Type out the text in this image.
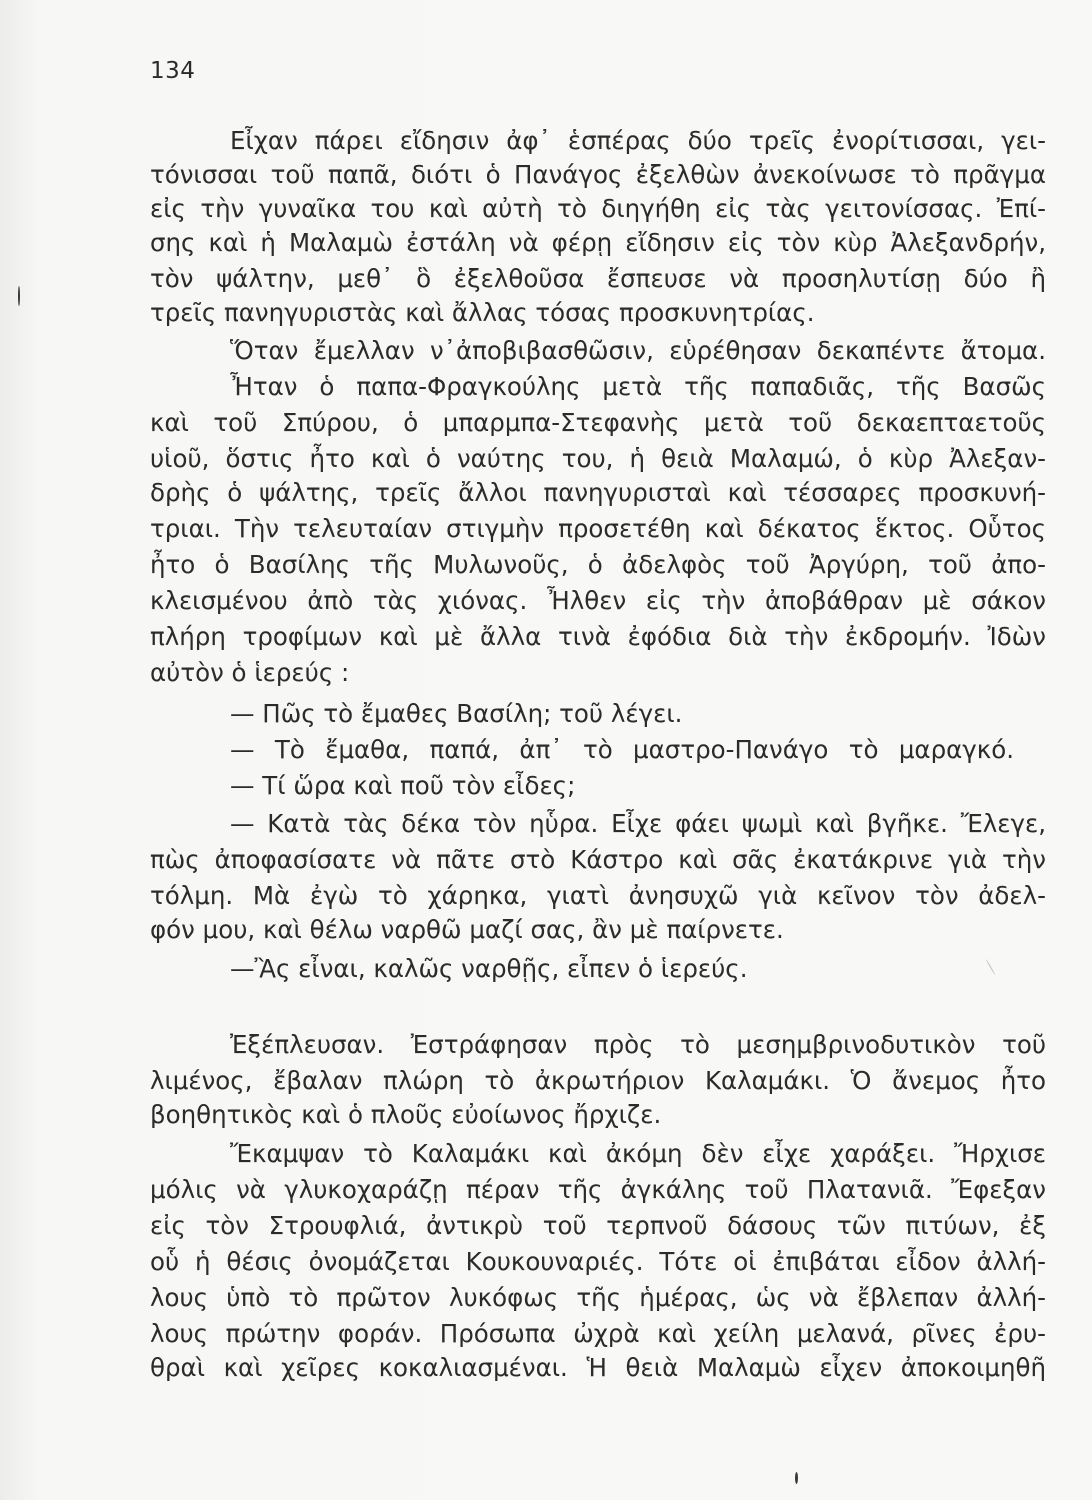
134
Εἶχαν πάρει εἴδησιν ἀφ᾽ ἑσπέρας δύο τρεῖς ἐνορίτισσαι, γει-
τόνισσαι τοῦ παπᾶ, διότι ὁ Πανάγος ἐξελθὼν ἀνεκοίνωσε τὸ πρᾶγμα
εἰς τὴν γυναῖκα του καὶ αὐτὴ τὸ διηγήθη εἰς τὰς γειτονίσσας. Ἐπί-
σης καὶ ἡ Μαλαμὼ ἐστάλη νὰ φέρῃ εἴδησιν εἰς τὸν κὺρ Ἀλεξανδρήν,
τὸν ψάλτην, μεθ᾽ ὃ ἐξελθοῦσα ἔσπευσε νὰ προσηλυτίσῃ δύο ἢ
τρεῖς πανηγυριστὰς καὶ ἄλλας τόσας προσκυνητρίας.
Ὅταν ἔμελλαν ν᾽ἀποβιβασθῶσιν, εὑρέθησαν δεκαπέντε ἄτομα.
Ἦταν ὁ παπα-Φραγκούλης μετὰ τῆς παπαδιᾶς, τῆς Βασῶς
καὶ τοῦ Σπύρου, ὁ μπαρμπα-Στεφανὴς μετὰ τοῦ δεκαεπταετοῦς
υἱοῦ, ὅστις ἦτο καὶ ὁ ναύτης του, ἡ θειὰ Μαλαμώ, ὁ κὺρ Ἀλεξαν-
δρὴς ὁ ψάλτης, τρεῖς ἄλλοι πανηγυρισταὶ καὶ τέσσαρες προσκυνή-
τριαι. Τὴν τελευταίαν στιγμὴν προσετέθη καὶ δέκατος ἕκτος. Οὗτος
ἦτο ὁ Βασίλης τῆς Μυλωνοῦς, ὁ ἀδελφὸς τοῦ Ἀργύρη, τοῦ ἀπο-
κλεισμένου ἀπὸ τὰς χιόνας. Ἦλθεν εἰς τὴν ἀποβάθραν μὲ σάκον
πλήρη τροφίμων καὶ μὲ ἄλλα τινὰ ἐφόδια διὰ τὴν ἐκδρομήν. Ἰδὼν
αὐτὸν ὁ ἱερεύς :
— Πῶς τὸ ἔμαθες Βασίλη; τοῦ λέγει.
— Τὸ ἔμαθα, παπά, ἀπ᾽ τὸ μαστρο-Πανάγο τὸ μαραγκό.
— Τί ὥρα καὶ ποῦ τὸν εἶδες;
— Κατὰ τὰς δέκα τὸν ηὗρα. Εἶχε φάει ψωμὶ καὶ βγῆκε. Ἔλεγε,
πὼς ἀποφασίσατε νὰ πᾶτε στὸ Κάστρο καὶ σᾶς ἐκατάκρινε γιὰ τὴν
τόλμη. Μὰ ἐγὼ τὸ χάρηκα, γιατὶ ἀνησυχῶ γιὰ κεῖνον τὸν ἀδελ-
φόν μου, καὶ θέλω ναρθῶ μαζί σας, ἂν μὲ παίρνετε.
—Ἂς εἶναι, καλῶς ναρθῇς, εἶπεν ὁ ἱερεύς.
Ἐξέπλευσαν. Ἐστράφησαν πρὸς τὸ μεσημβρινοδυτικὸν τοῦ
λιμένος, ἔβαλαν πλώρη τὸ ἀκρωτήριον Καλαμάκι. Ὁ ἄνεμος ἦτο
βοηθητικὸς καὶ ὁ πλοῦς εὐοίωνος ἤρχιζε.
Ἔκαμψαν τὸ Καλαμάκι καὶ ἀκόμη δὲν εἶχε χαράξει. Ἤρχισε
μόλις νὰ γλυκοχαράζῃ πέραν τῆς ἀγκάλης τοῦ Πλατανιᾶ. Ἔφεξαν
εἰς τὸν Στρουφλιά, ἀντικρὺ τοῦ τερπνοῦ δάσους τῶν πιτύων, ἐξ
οὗ ἡ θέσις ὀνομάζεται Κουκουναριές. Τότε οἱ ἐπιβάται εἶδον ἀλλή-
λους ὑπὸ τὸ πρῶτον λυκόφως τῆς ἡμέρας, ὡς νὰ ἔβλεπαν ἀλλή-
λους πρώτην φοράν. Πρόσωπα ὠχρὰ καὶ χείλη μελανά, ρῖνες ἐρυ-
θραὶ καὶ χεῖρες κοκαλιασμέναι. Ἡ θειὰ Μαλαμὼ εἶχεν ἀποκοιμηθῆ
